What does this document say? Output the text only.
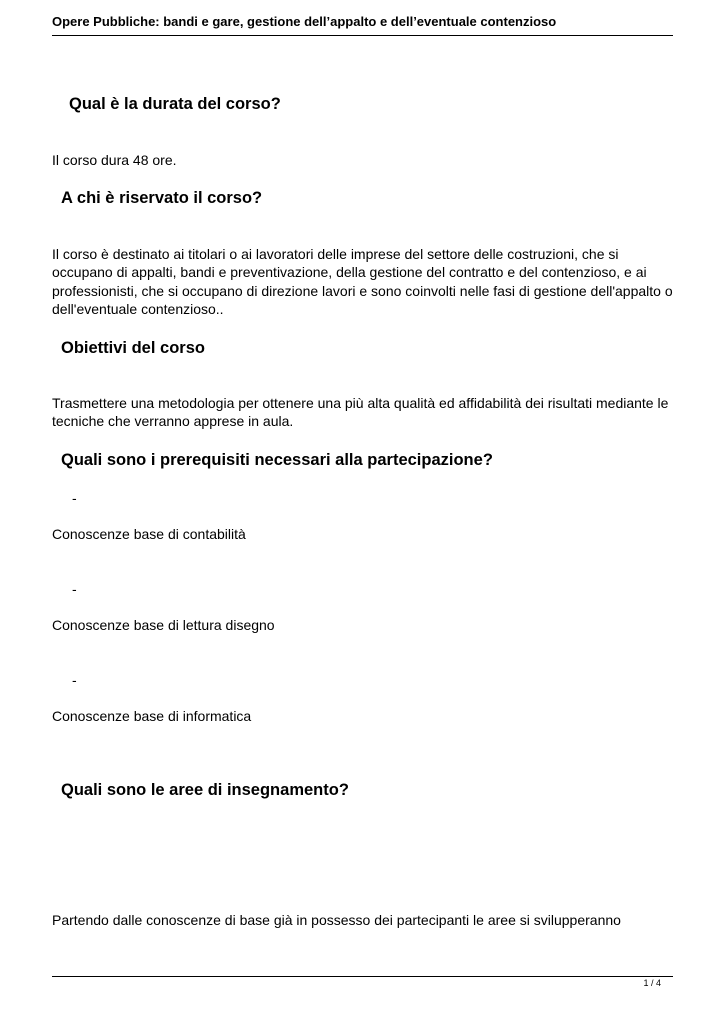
Opere Pubbliche: bandi e gare, gestione dell’appalto e dell’eventuale contenzioso
Qual è la durata del corso?

Il corso dura 48 ore.

A chi è riservato il corso?

Il corso è destinato ai titolari o ai lavoratori delle imprese del settore delle costruzioni, che si occupano di appalti, bandi e preventivazione, della gestione del contratto e del contenzioso, e ai professionisti, che si occupano di direzione lavori e sono coinvolti nelle fasi di gestione dell'appalto o dell'eventuale contenzioso..

Obiettivi del corso

Trasmettere una metodologia per ottenere una più alta qualità ed affidabilità dei risultati mediante le tecniche che verranno apprese in aula.

Quali sono i prerequisiti necessari alla partecipazione?
-

Conoscenze base di contabilità

-

Conoscenze base di lettura disegno

-

Conoscenze base di informatica

Quali sono le aree di insegnamento?

Partendo dalle conoscenze di base già in possesso dei partecipanti le aree si svilupperanno

1 / 4
